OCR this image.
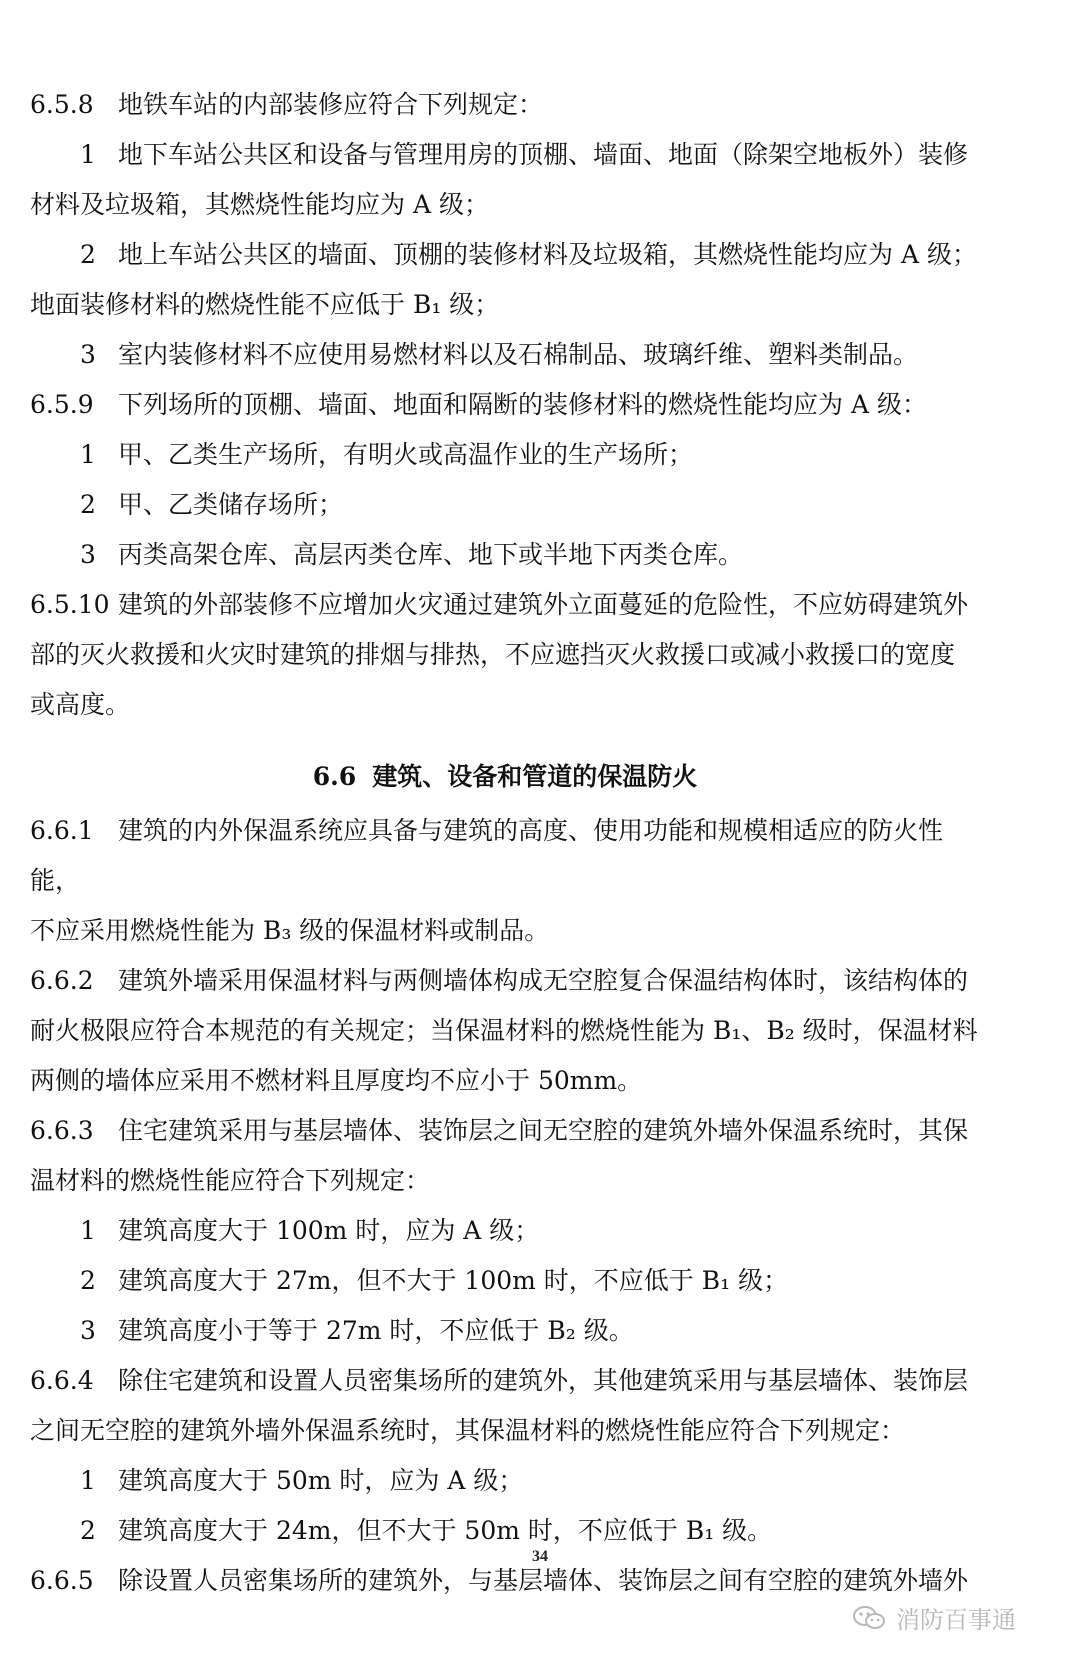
6.5.8 地铁车站的内部装修应符合下列规定：

1 地下车站公共区和设备与管理用房的顶棚、墙面、地面（除架空地板外）装修

材料及垃圾箱，其燃烧性能均应为 A 级；

2 地上车站公共区的墙面、顶棚的装修材料及垃圾箱，其燃烧性能均应为 A 级；

地面装修材料的燃烧性能不应低于 B₁ 级；

3 室内装修材料不应使用易燃材料以及石棉制品、玻璃纤维、塑料类制品。

6.5.9 下列场所的顶棚、墙面、地面和隔断的装修材料的燃烧性能均应为 A 级：

1 甲、乙类生产场所，有明火或高温作业的生产场所；

2 甲、乙类储存场所；

3 丙类高架仓库、高层丙类仓库、地下或半地下丙类仓库。

6.5.10 建筑的外部装修不应增加火灾通过建筑外立面蔓延的危险性，不应妨碍建筑外

部的灭火救援和火灾时建筑的排烟与排热，不应遮挡灭火救援口或减小救援口的宽度

或高度。

6.6 建筑、设备和管道的保温防火

6.6.1 建筑的内外保温系统应具备与建筑的高度、使用功能和规模相适应的防火性能，

不应采用燃烧性能为 B₃ 级的保温材料或制品。

6.6.2 建筑外墙采用保温材料与两侧墙体构成无空腔复合保温结构体时，该结构体的

耐火极限应符合本规范的有关规定；当保温材料的燃烧性能为 B₁、B₂ 级时，保温材料

两侧的墙体应采用不燃材料且厚度均不应小于 50mm。

6.6.3 住宅建筑采用与基层墙体、装饰层之间无空腔的建筑外墙外保温系统时，其保

温材料的燃烧性能应符合下列规定：

1 建筑高度大于 100m 时，应为 A 级；

2 建筑高度大于 27m，但不大于 100m 时，不应低于 B₁ 级；

3 建筑高度小于等于 27m 时，不应低于 B₂ 级。

6.6.4 除住宅建筑和设置人员密集场所的建筑外，其他建筑采用与基层墙体、装饰层

之间无空腔的建筑外墙外保温系统时，其保温材料的燃烧性能应符合下列规定：

1 建筑高度大于 50m 时，应为 A 级；

2 建筑高度大于 24m，但不大于 50m 时，不应低于 B₁ 级。

6.6.5 除设置人员密集场所的建筑外，与基层墙体、装饰层之间有空腔的建筑外墙外

34
消防百事通
